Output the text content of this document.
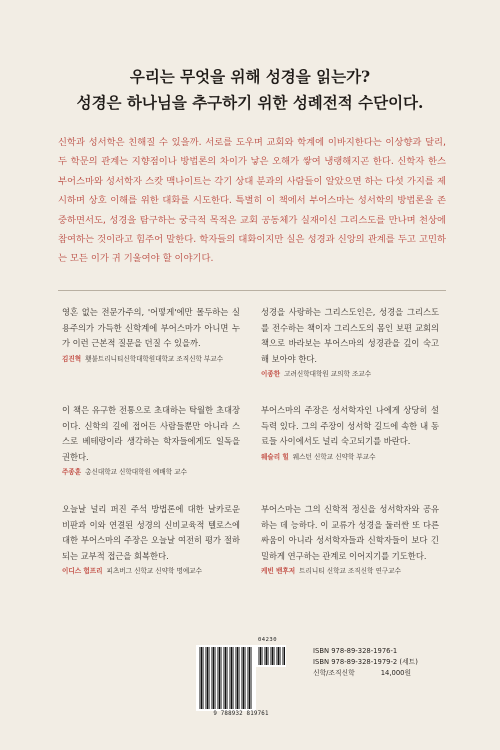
우리는 무엇을 위해 성경을 읽는가?
성경은 하나님을 추구하기 위한 성례전적 수단이다.

신학과 성서학은 친해질 수 있을까. 서로를 도우며 교회와 학계에 이바지한다는 이상향과 달리, 두 학문의 관계는 지향점이나 방법론의 차이가 낳은 오해가 쌓여 냉랭해지곤 한다. 신학자 한스 부어스마와 성서학자 스캇 맥나이트는 각기 상대 분과의 사람들이 알았으면 하는 다섯 가지를 제시하며 상호 이해를 위한 대화를 시도한다. 특별히 이 책에서 부어스마는 성서학의 방법론을 존중하면서도, 성경을 탐구하는 궁극적 목적은 교회 공동체가 실재이신 그리스도를 만나며 천상에 참여하는 것이라고 힘주어 말한다. 학자들의 대화이지만 실은 성경과 신앙의 관계를 두고 고민하는 모든 이가 귀 기울여야 할 이야기다.

영혼 없는 전문가주의, '어떻게'에만 몰두하는 실용주의가 가득한 신학계에 부어스마가 아니면 누가 이런 근본적 질문을 던질 수 있을까.

김진혁 횃불트리니티신학대학원대학교 조직신학 부교수

이 책은 유구한 전통으로 초대하는 탁월한 초대장이다. 신학의 길에 접어든 사람들뿐만 아니라 스스로 베테랑이라 생각하는 학자들에게도 일독을 권한다.

주종훈 총신대학교 신학대학원 예배학 교수

오늘날 널리 퍼진 주석 방법론에 대한 날카로운 비판과 이와 연결된 성경의 신비교육적 텔로스에 대한 부어스마의 주장은 오늘날 여전히 평가 절하되는 교부적 접근을 회복한다.

이디스 험프리 피츠버그 신학교 신약학 명예교수

성경을 사랑하는 그리스도인은, 성경을 그리스도를 전수하는 책이자 그리스도의 몸인 보편 교회의 책으로 바라보는 부어스마의 성경관을 깊이 숙고해 보아야 한다.

이종한 고려신학대학원 교의학 조교수

부어스마의 주장은 성서학자인 나에게 상당히 설득력 있다. 그의 주장이 성서학 길드에 속한 내 동료들 사이에서도 널리 숙고되기를 바란다.

웨슬리 힐 웨스턴 신학교 신약학 부교수

부어스마는 그의 신학적 정신을 성서학자와 공유하는 데 능하다. 이 교류가 성경을 둘러싼 또 다른 싸움이 아니라 성서학자들과 신학자들이 보다 긴밀하게 연구하는 관계로 이어지기를 기도한다.

케빈 밴후저 트리니티 신학교 조직신학 연구교수
04230
9 788932 819761
ISBN 978-89-328-1976-1
ISBN 978-89-328-1979-2 (세트)
신학/조직신학	14,000원
